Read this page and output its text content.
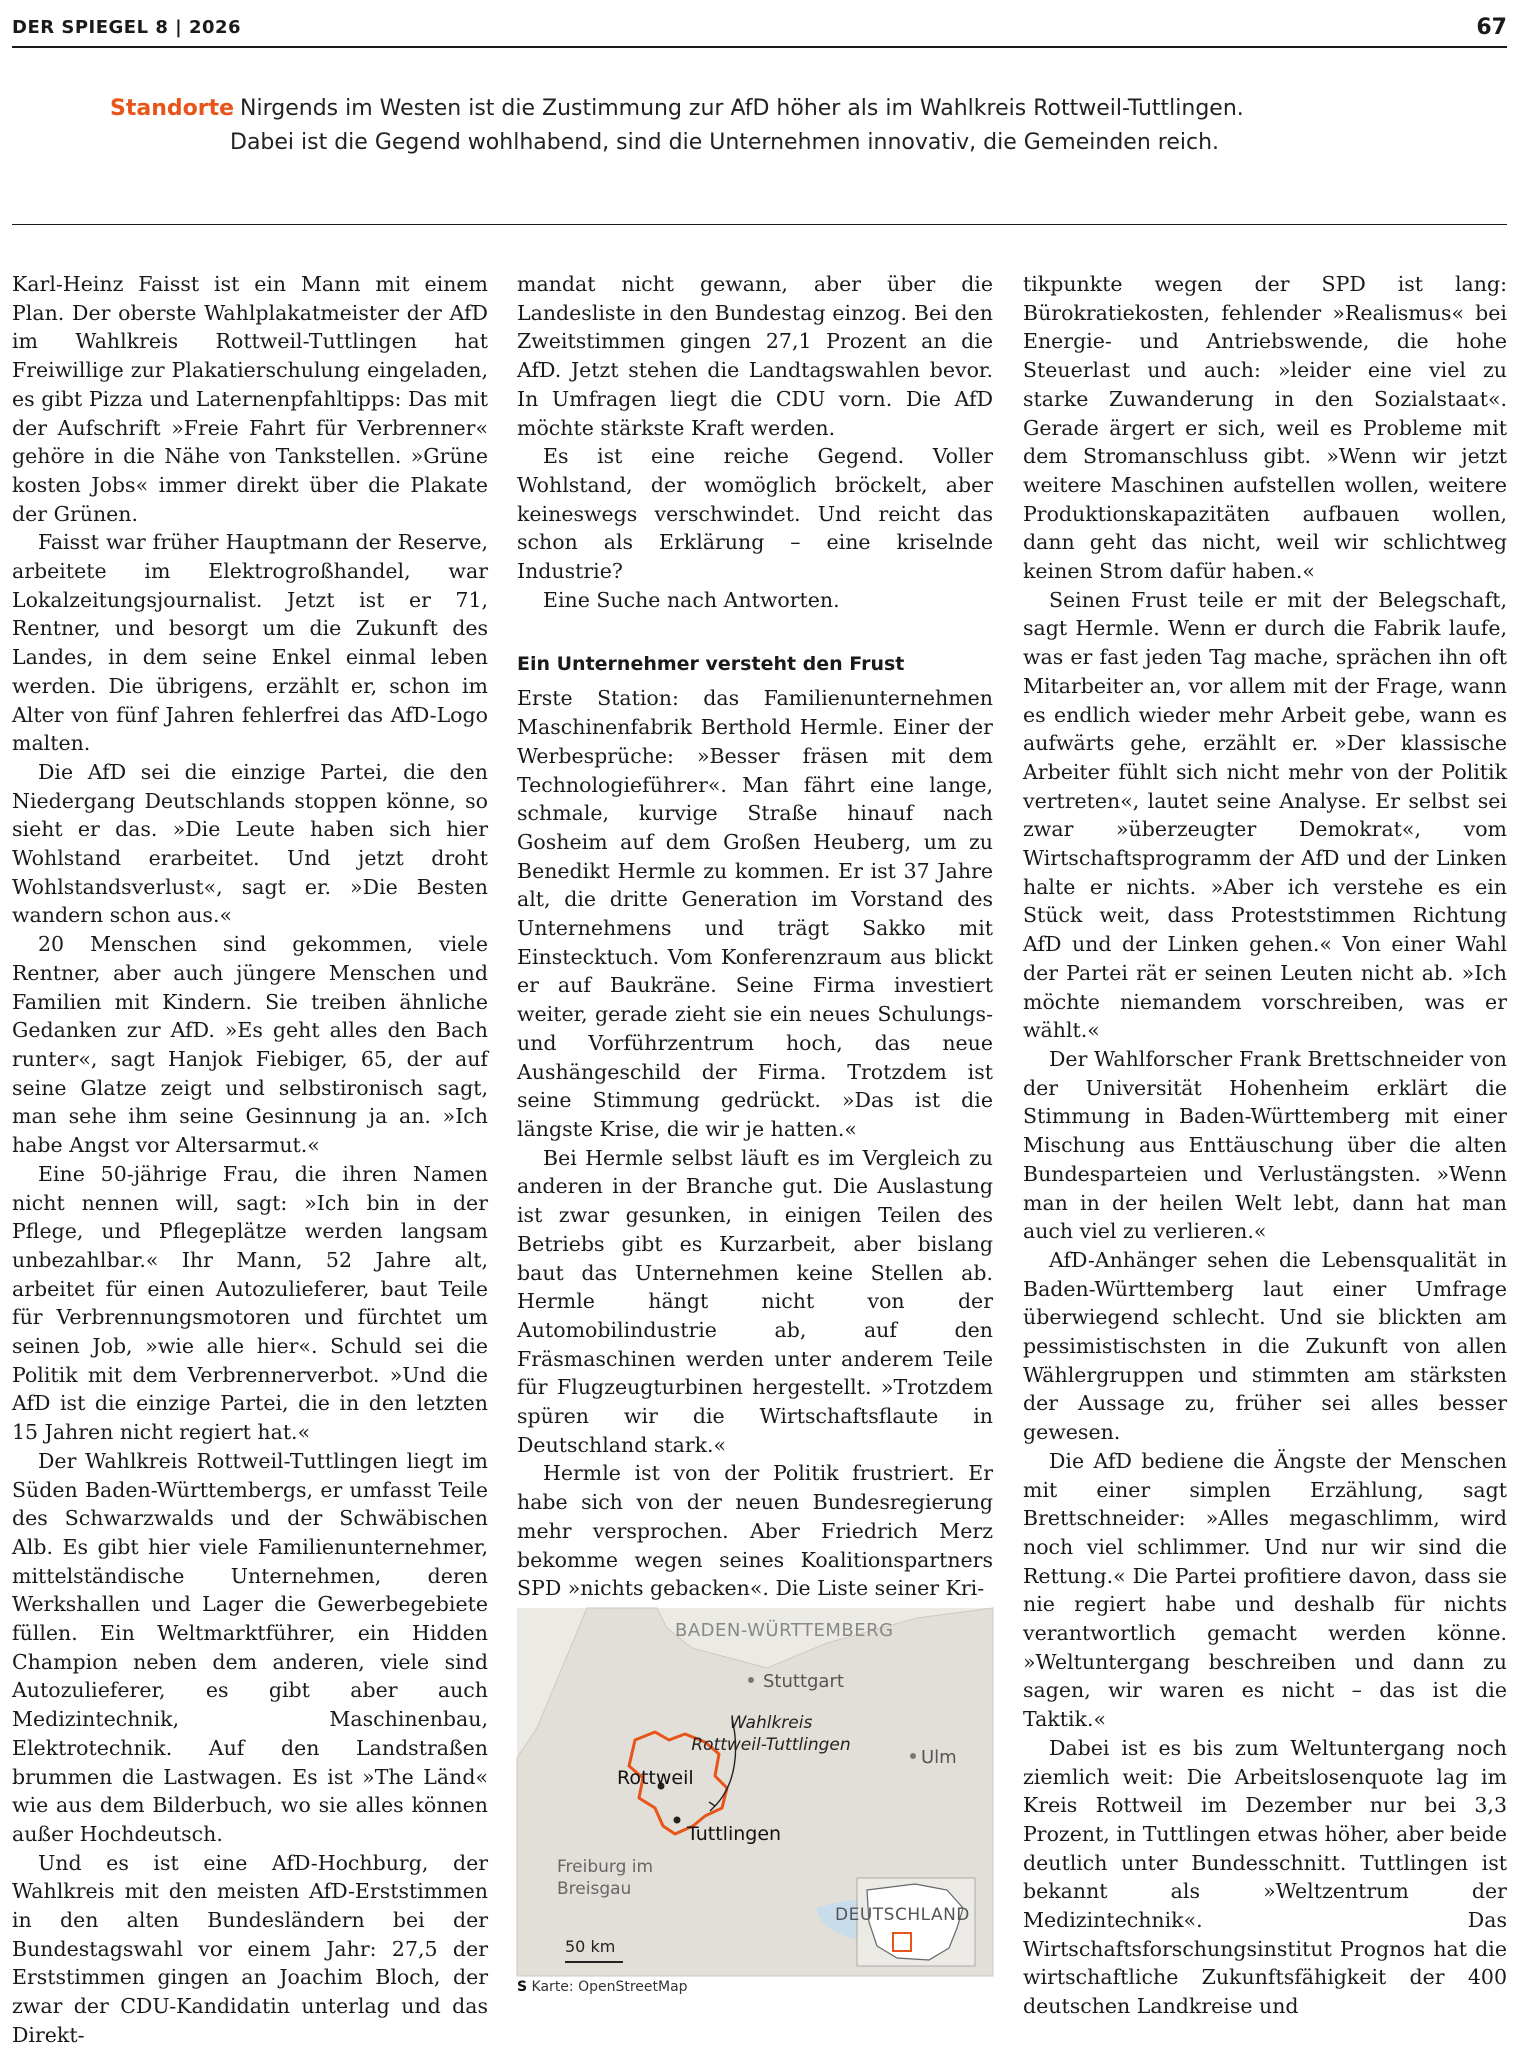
DER SPIEGEL 8 | 2026	67
Standorte Nirgends im Westen ist die Zustimmung zur AfD höher als im Wahlkreis Rottweil-Tuttlingen.
Dabei ist die Gegend wohlhabend, sind die Unternehmen innovativ, die Gemeinden reich.

Karl-Heinz Faisst ist ein Mann mit einem Plan. Der oberste Wahlplakatmeister der AfD im Wahlkreis Rottweil-Tuttlingen hat Freiwillige zur Plakatierschulung eingeladen, es gibt Pizza und Laternenpfahltipps: Das mit der Aufschrift »Freie Fahrt für Verbrenner« gehöre in die Nähe von Tankstellen. »Grüne kosten Jobs« immer direkt über die Plakate der Grünen.

Faisst war früher Hauptmann der Reserve, arbeitete im Elektrogroßhandel, war Lokalzeitungsjournalist. Jetzt ist er 71, Rentner, und besorgt um die Zukunft des Landes, in dem seine Enkel einmal leben werden. Die übrigens, erzählt er, schon im Alter von fünf Jahren fehlerfrei das AfD-Logo malten.

Die AfD sei die einzige Partei, die den Niedergang Deutschlands stoppen könne, so sieht er das. »Die Leute haben sich hier Wohlstand erarbeitet. Und jetzt droht Wohlstandsverlust«, sagt er. »Die Besten wandern schon aus.«

20 Menschen sind gekommen, viele Rentner, aber auch jüngere Menschen und Familien mit Kindern. Sie treiben ähnliche Gedanken zur AfD. »Es geht alles den Bach runter«, sagt Hanjok Fiebiger, 65, der auf seine Glatze zeigt und selbstironisch sagt, man sehe ihm seine Gesinnung ja an. »Ich habe Angst vor Altersarmut.«

Eine 50-jährige Frau, die ihren Namen nicht nennen will, sagt: »Ich bin in der Pflege, und Pflegeplätze werden langsam unbezahlbar.« Ihr Mann, 52 Jahre alt, arbeitet für einen Autozulieferer, baut Teile für Verbrennungsmotoren und fürchtet um seinen Job, »wie alle hier«. Schuld sei die Politik mit dem Verbrennerverbot. »Und die AfD ist die einzige Partei, die in den letzten 15 Jahren nicht regiert hat.«

Der Wahlkreis Rottweil-Tuttlingen liegt im Süden Baden-Württembergs, er umfasst Teile des Schwarzwalds und der Schwäbischen Alb. Es gibt hier viele Familienunternehmer, mittelständische Unternehmen, deren Werkshallen und Lager die Gewerbegebiete füllen. Ein Weltmarktführer, ein Hidden Champion neben dem anderen, viele sind Autozulieferer, es gibt aber auch Medizintechnik, Maschinenbau, Elektrotechnik. Auf den Landstraßen brummen die Lastwagen. Es ist »The Länd« wie aus dem Bilderbuch, wo sie alles können außer Hochdeutsch.

Und es ist eine AfD-Hochburg, der Wahlkreis mit den meisten AfD-Erststimmen in den alten Bundesländern bei der Bundestagswahl vor einem Jahr: 27,5 der Erststimmen gingen an Joachim Bloch, der zwar der CDU-Kandidatin unterlag und das Direkt-

mandat nicht gewann, aber über die Landesliste in den Bundestag einzog. Bei den Zweitstimmen gingen 27,1 Prozent an die AfD. Jetzt stehen die Landtagswahlen bevor. In Umfragen liegt die CDU vorn. Die AfD möchte stärkste Kraft werden.

Es ist eine reiche Gegend. Voller Wohlstand, der womöglich bröckelt, aber keineswegs verschwindet. Und reicht das schon als Erklärung – eine kriselnde Industrie?

Eine Suche nach Antworten.

Ein Unternehmer versteht den Frust

Erste Station: das Familienunternehmen Maschinenfabrik Berthold Hermle. Einer der Werbesprüche: »Besser fräsen mit dem Technologieführer«. Man fährt eine lange, schmale, kurvige Straße hinauf nach Gosheim auf dem Großen Heuberg, um zu Benedikt Hermle zu kommen. Er ist 37 Jahre alt, die dritte Generation im Vorstand des Unternehmens und trägt Sakko mit Einstecktuch. Vom Konferenzraum aus blickt er auf Baukräne. Seine Firma investiert weiter, gerade zieht sie ein neues Schulungs- und Vorführzentrum hoch, das neue Aushängeschild der Firma. Trotzdem ist seine Stimmung gedrückt. »Das ist die längste Krise, die wir je hatten.«

Bei Hermle selbst läuft es im Vergleich zu anderen in der Branche gut. Die Auslastung ist zwar gesunken, in einigen Teilen des Betriebs gibt es Kurzarbeit, aber bislang baut das Unternehmen keine Stellen ab. Hermle hängt nicht von der Automobilindustrie ab, auf den Fräsmaschinen werden unter anderem Teile für Flugzeugturbinen hergestellt. »Trotzdem spüren wir die Wirtschaftsflaute in Deutschland stark.«

Hermle ist von der Politik frustriert. Er habe sich von der neuen Bundesregierung mehr versprochen. Aber Friedrich Merz bekomme wegen seines Koalitionspartners SPD »nichts gebacken«. Die Liste seiner Kri-

BADEN-WÜRTTEMBERG
Stuttgart
Wahlkreis
Rottweil-Tuttlingen
Ulm
Rottweil
Tuttlingen
Freiburg im
Breisgau
DEUTSCHLAND
50 km
S Karte: OpenStreetMap

tikpunkte wegen der SPD ist lang: Bürokratiekosten, fehlender »Realismus« bei Energie- und Antriebswende, die hohe Steuerlast und auch: »leider eine viel zu starke Zuwanderung in den Sozialstaat«. Gerade ärgert er sich, weil es Probleme mit dem Stromanschluss gibt. »Wenn wir jetzt weitere Maschinen aufstellen wollen, weitere Produktionskapazitäten aufbauen wollen, dann geht das nicht, weil wir schlichtweg keinen Strom dafür haben.«

Seinen Frust teile er mit der Belegschaft, sagt Hermle. Wenn er durch die Fabrik laufe, was er fast jeden Tag mache, sprächen ihn oft Mitarbeiter an, vor allem mit der Frage, wann es endlich wieder mehr Arbeit gebe, wann es aufwärts gehe, erzählt er. »Der klassische Arbeiter fühlt sich nicht mehr von der Politik vertreten«, lautet seine Analyse. Er selbst sei zwar »überzeugter Demokrat«, vom Wirtschaftsprogramm der AfD und der Linken halte er nichts. »Aber ich verstehe es ein Stück weit, dass Proteststimmen Richtung AfD und der Linken gehen.« Von einer Wahl der Partei rät er seinen Leuten nicht ab. »Ich möchte niemandem vorschreiben, was er wählt.«

Der Wahlforscher Frank Brettschneider von der Universität Hohenheim erklärt die Stimmung in Baden-Württemberg mit einer Mischung aus Enttäuschung über die alten Bundesparteien und Verlustängsten. »Wenn man in der heilen Welt lebt, dann hat man auch viel zu verlieren.«

AfD-Anhänger sehen die Lebensqualität in Baden-Württemberg laut einer Umfrage überwiegend schlecht. Und sie blickten am pessimistischsten in die Zukunft von allen Wählergruppen und stimmten am stärksten der Aussage zu, früher sei alles besser gewesen.

Die AfD bediene die Ängste der Menschen mit einer simplen Erzählung, sagt Brettschneider: »Alles megaschlimm, wird noch viel schlimmer. Und nur wir sind die Rettung.« Die Partei profitiere davon, dass sie nie regiert habe und deshalb für nichts verantwortlich gemacht werden könne. »Weltuntergang beschreiben und dann zu sagen, wir waren es nicht – das ist die Taktik.«

Dabei ist es bis zum Weltuntergang noch ziemlich weit: Die Arbeitslosenquote lag im Kreis Rottweil im Dezember nur bei 3,3 Prozent, in Tuttlingen etwas höher, aber beide deutlich unter Bundesschnitt. Tuttlingen ist bekannt als »Weltzentrum der Medizintechnik«. Das Wirtschaftsforschungsinstitut Prognos hat die wirtschaftliche Zukunftsfähigkeit der 400 deutschen Landkreise und
